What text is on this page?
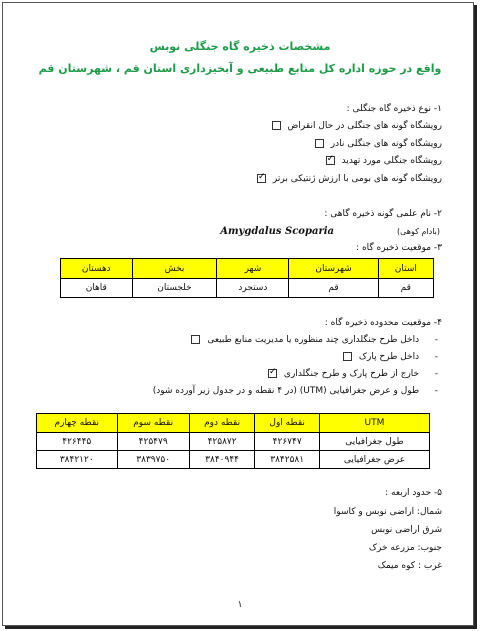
مشخصات ذخیره گاه جنگلی نوبس
واقع در حوزه اداره کل منابع طبیعی و آبخیزداری استان قم ، شهرستان قم
۱- نوع ذخیره گاه جنگلی :
رویشگاه گونه های جنگلی در حال انقراض
رویشگاه گونه های جنگلی نادر
رویشگاه جنگلی مورد تهدید ✓
رویشگاه گونه های بومی با ارزش ژنتیکی برتر ✓
۲- نام علمی گونه ذخیره گاهی :
Amygdalus Scoparia	(بادام کوهی)
۳- موقعیت ذخیره گاه :
استان	شهرستان	شهر	بخش	دهستان
قم	قم	دستجرد	خلجستان	قاهان
۴- موقعیت محدوده ذخیره گاه :
- داخل طرح جنگلداری چند منظوره یا مدیریت منابع طبیعی
- داخل طرح پارک
- خارج از طرح پارک و طرح جنگلداری ✓
- طول و عرض جغرافیایی (UTM) (در ۴ نقطه و در جدول زیر آورده شود)
UTM	نقطه اول	نقطه دوم	نقطه سوم	نقطه چهارم
طول جغرافیایی	۴۲۶۷۴۷	۴۲۵۸۷۲	۴۲۵۴۷۹	۴۲۶۴۴۵
عرض جغرافیایی	۳۸۴۲۵۸۱	۳۸۴۰۹۴۴	۳۸۳۹۷۵۰	۳۸۴۲۱۲۰
۵- حدود اربعه :
شمال: اراضی نوبس و کاسوا
شرق اراضی نوبس
جنوب: مزرعه خرک
غرب : کوه میمک
۱
